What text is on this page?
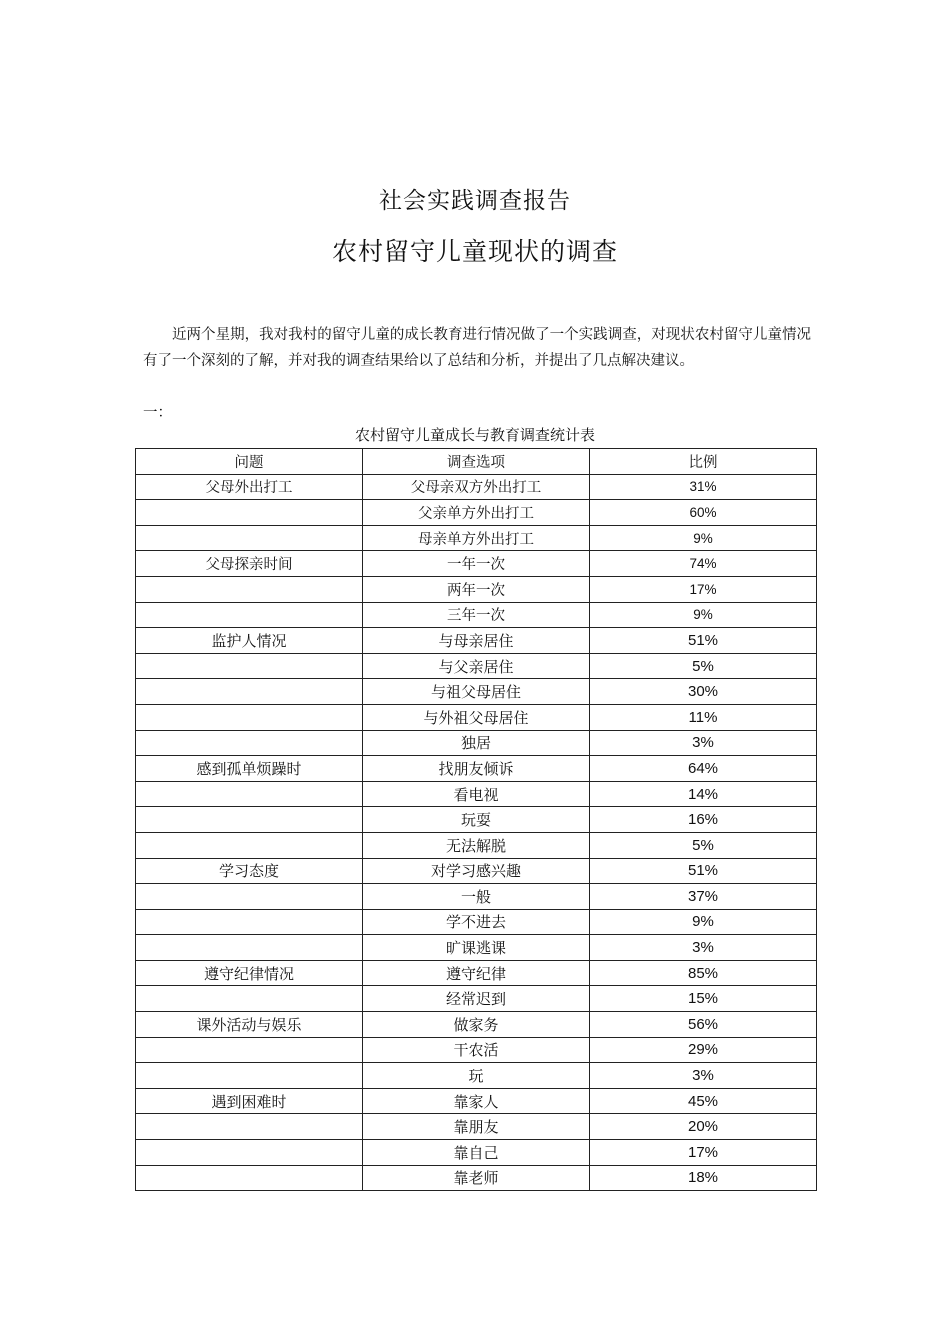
社会实践调查报告
农村留守儿童现状的调查

近两个星期，我对我村的留守儿童的成长教育进行情况做了一个实践调查，对现状农村留守儿童情况有了一个深刻的了解，并对我的调查结果给以了总结和分析，并提出了几点解决建议。

一：
农村留守儿童成长与教育调查统计表
问题	调查选项	比例
父母外出打工	父母亲双方外出打工	31%
	父亲单方外出打工	60%
	母亲单方外出打工	9%
父母探亲时间	一年一次	74%
	两年一次	17%
	三年一次	9%
监护人情况	与母亲居住	51%
	与父亲居住	5%
	与祖父母居住	30%
	与外祖父母居住	11%
	独居	3%
感到孤单烦躁时	找朋友倾诉	64%
	看电视	14%
	玩耍	16%
	无法解脱	5%
学习态度	对学习感兴趣	51%
	一般	37%
	学不进去	9%
	旷课逃课	3%
遵守纪律情况	遵守纪律	85%
	经常迟到	15%
课外活动与娱乐	做家务	56%
	干农活	29%
	玩	3%
遇到困难时	靠家人	45%
	靠朋友	20%
	靠自己	17%
	靠老师	18%
